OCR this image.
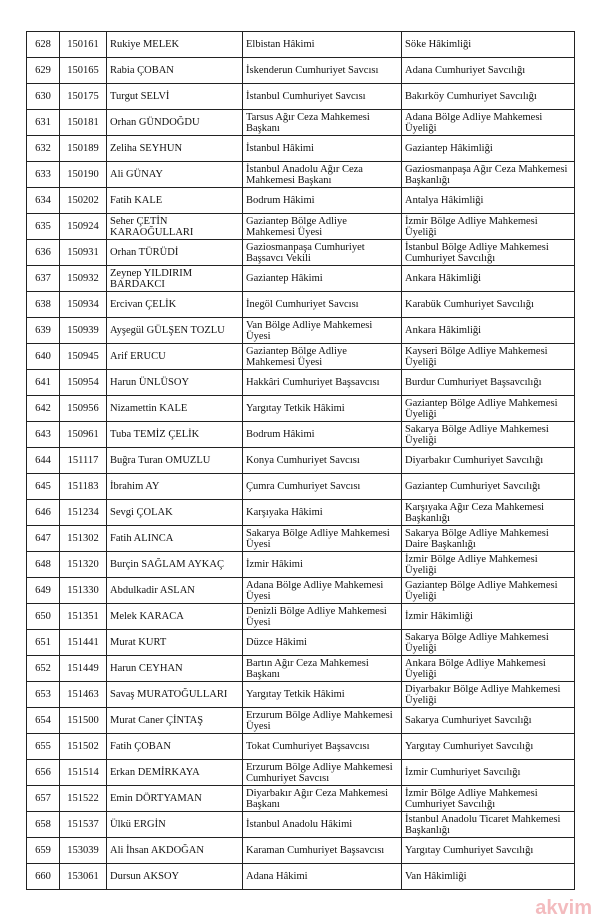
628	150161	Rukiye MELEK	Elbistan Hâkimi	Söke Hâkimliği
629	150165	Rabia ÇOBAN	İskenderun Cumhuriyet Savcısı	Adana Cumhuriyet Savcılığı
630	150175	Turgut SELVİ	İstanbul Cumhuriyet Savcısı	Bakırköy Cumhuriyet Savcılığı
631	150181	Orhan GÜNDOĞDU	Tarsus Ağır Ceza Mahkemesi Başkanı	Adana Bölge Adliye Mahkemesi Üyeliği
632	150189	Zeliha SEYHUN	İstanbul Hâkimi	Gaziantep Hâkimliği
633	150190	Ali GÜNAY	İstanbul Anadolu Ağır Ceza Mahkemesi Başkanı	Gaziosmanpaşa Ağır Ceza Mahkemesi Başkanlığı
634	150202	Fatih KALE	Bodrum Hâkimi	Antalya Hâkimliği
635	150924	Seher ÇETİN KARAOĞULLARI	Gaziantep Bölge Adliye Mahkemesi Üyesi	İzmir Bölge Adliye Mahkemesi Üyeliği
636	150931	Orhan TÜRÜDİ	Gaziosmanpaşa Cumhuriyet Başsavcı Vekili	İstanbul Bölge Adliye Mahkemesi Cumhuriyet Savcılığı
637	150932	Zeynep YILDIRIM BARDAKCI	Gaziantep Hâkimi	Ankara Hâkimliği
638	150934	Ercivan ÇELİK	İnegöl Cumhuriyet Savcısı	Karabük Cumhuriyet Savcılığı
639	150939	Ayşegül GÜLŞEN TOZLU	Van Bölge Adliye Mahkemesi Üyesi	Ankara Hâkimliği
640	150945	Arif ERUCU	Gaziantep Bölge Adliye Mahkemesi Üyesi	Kayseri Bölge Adliye Mahkemesi Üyeliği
641	150954	Harun ÜNLÜSOY	Hakkâri Cumhuriyet Başsavcısı	Burdur Cumhuriyet Başsavcılığı
642	150956	Nizamettin KALE	Yargıtay Tetkik Hâkimi	Gaziantep Bölge Adliye Mahkemesi Üyeliği
643	150961	Tuba TEMİZ ÇELİK	Bodrum Hâkimi	Sakarya Bölge Adliye Mahkemesi Üyeliği
644	151117	Buğra Turan OMUZLU	Konya Cumhuriyet Savcısı	Diyarbakır Cumhuriyet Savcılığı
645	151183	İbrahim AY	Çumra Cumhuriyet Savcısı	Gaziantep Cumhuriyet Savcılığı
646	151234	Sevgi ÇOLAK	Karşıyaka Hâkimi	Karşıyaka Ağır Ceza Mahkemesi Başkanlığı
647	151302	Fatih ALINCA	Sakarya Bölge Adliye Mahkemesi Üyesi	Sakarya Bölge Adliye Mahkemesi Daire Başkanlığı
648	151320	Burçin SAĞLAM AYKAÇ	İzmir Hâkimi	İzmir Bölge Adliye Mahkemesi Üyeliği
649	151330	Abdulkadir ASLAN	Adana Bölge Adliye Mahkemesi Üyesi	Gaziantep Bölge Adliye Mahkemesi Üyeliği
650	151351	Melek KARACA	Denizli Bölge Adliye Mahkemesi Üyesi	İzmir Hâkimliği
651	151441	Murat KURT	Düzce Hâkimi	Sakarya Bölge Adliye Mahkemesi Üyeliği
652	151449	Harun CEYHAN	Bartın Ağır Ceza Mahkemesi Başkanı	Ankara Bölge Adliye Mahkemesi Üyeliği
653	151463	Savaş MURATOĞULLARI	Yargıtay Tetkik Hâkimi	Diyarbakır Bölge Adliye Mahkemesi Üyeliği
654	151500	Murat Caner ÇİNTAŞ	Erzurum Bölge Adliye Mahkemesi Üyesi	Sakarya Cumhuriyet Savcılığı
655	151502	Fatih ÇOBAN	Tokat Cumhuriyet Başsavcısı	Yargıtay Cumhuriyet Savcılığı
656	151514	Erkan DEMİRKAYA	Erzurum Bölge Adliye Mahkemesi Cumhuriyet Savcısı	İzmir Cumhuriyet Savcılığı
657	151522	Emin DÖRTYAMAN	Diyarbakır Ağır Ceza Mahkemesi Başkanı	İzmir Bölge Adliye Mahkemesi Cumhuriyet Savcılığı
658	151537	Ülkü ERGİN	İstanbul Anadolu Hâkimi	İstanbul Anadolu Ticaret Mahkemesi Başkanlığı
659	153039	Ali İhsan AKDOĞAN	Karaman Cumhuriyet Başsavcısı	Yargıtay Cumhuriyet Savcılığı
660	153061	Dursun AKSOY	Adana Hâkimi	Van Hâkimliği
akvim
